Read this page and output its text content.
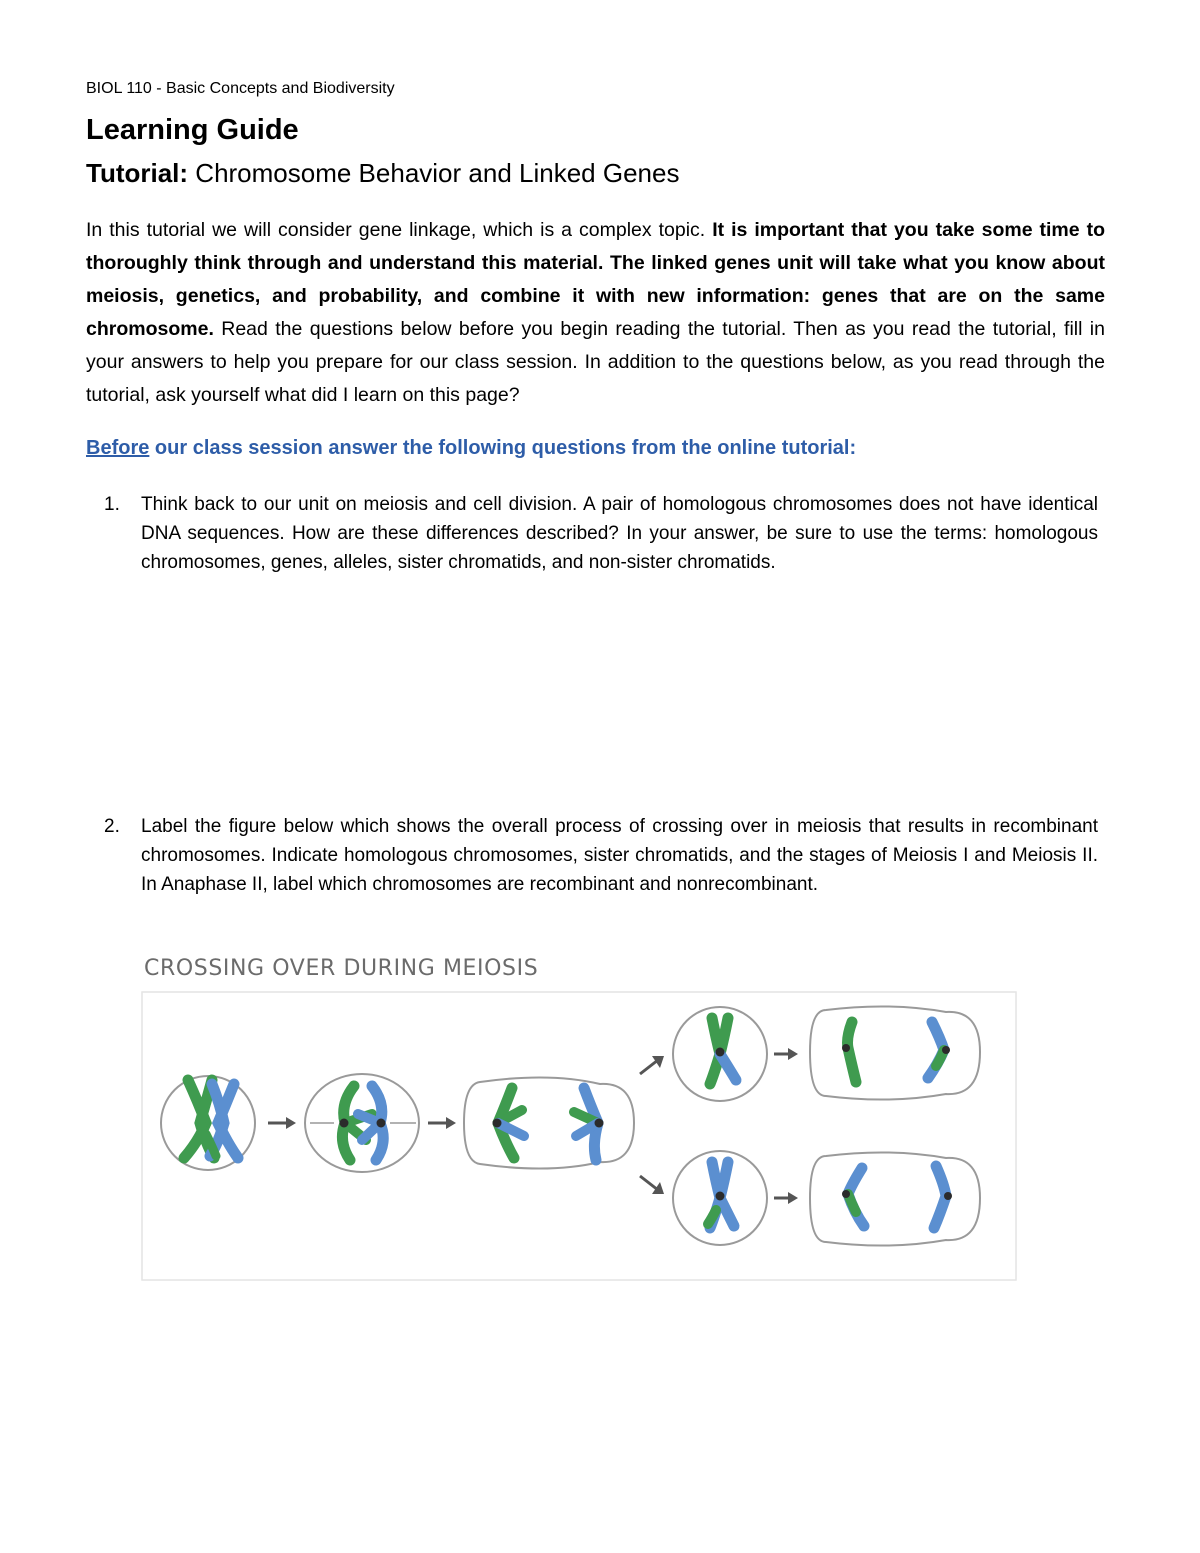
BIOL 110 - Basic Concepts and Biodiversity
Learning Guide
Tutorial: Chromosome Behavior and Linked Genes
In this tutorial we will consider gene linkage, which is a complex topic. It is important that you take some time to thoroughly think through and understand this material. The linked genes unit will take what you know about meiosis, genetics, and probability, and combine it with new information: genes that are on the same chromosome. Read the questions below before you begin reading the tutorial. Then as you read the tutorial, fill in your answers to help you prepare for our class session. In addition to the questions below, as you read through the tutorial, ask yourself what did I learn on this page?
Before our class session answer the following questions from the online tutorial:
1. Think back to our unit on meiosis and cell division. A pair of homologous chromosomes does not have identical DNA sequences. How are these differences described? In your answer, be sure to use the terms: homologous chromosomes, genes, alleles, sister chromatids, and non-sister chromatids.
2. Label the figure below which shows the overall process of crossing over in meiosis that results in recombinant chromosomes. Indicate homologous chromosomes, sister chromatids, and the stages of Meiosis I and Meiosis II. In Anaphase II, label which chromosomes are recombinant and nonrecombinant.
CROSSING OVER DURING MEIOSIS
